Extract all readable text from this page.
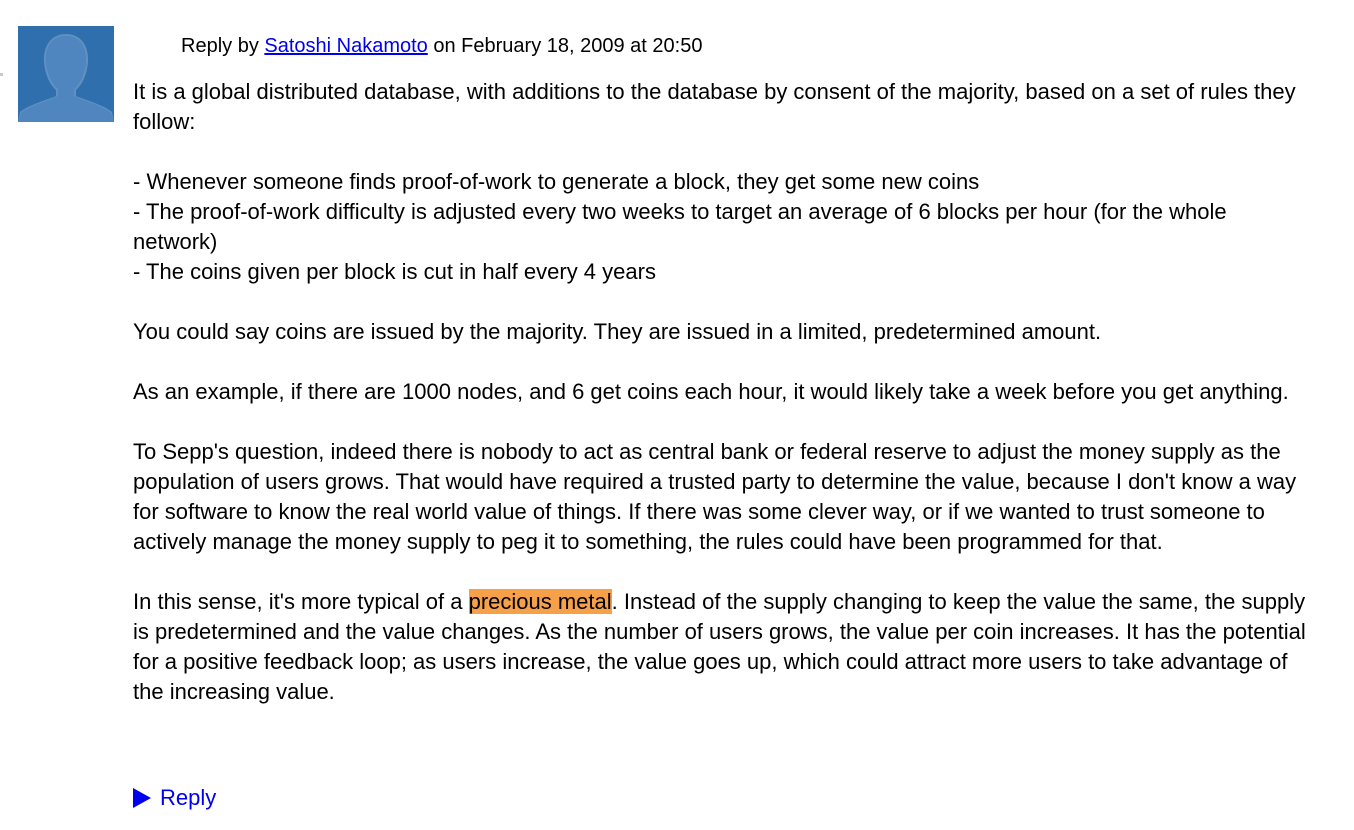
Reply by Satoshi Nakamoto on February 18, 2009 at 20:50

It is a global distributed database, with additions to the database by consent of the majority, based on a set of rules they follow:

- Whenever someone finds proof-of-work to generate a block, they get some new coins

- The proof-of-work difficulty is adjusted every two weeks to target an average of 6 blocks per hour (for the whole network)

- The coins given per block is cut in half every 4 years

You could say coins are issued by the majority. They are issued in a limited, predetermined amount.

As an example, if there are 1000 nodes, and 6 get coins each hour, it would likely take a week before you get anything.

To Sepp's question, indeed there is nobody to act as central bank or federal reserve to adjust the money supply as the population of users grows. That would have required a trusted party to determine the value, because I don't know a way for software to know the real world value of things. If there was some clever way, or if we wanted to trust someone to actively manage the money supply to peg it to something, the rules could have been programmed for that.

In this sense, it's more typical of a precious metal. Instead of the supply changing to keep the value the same, the supply is predetermined and the value changes. As the number of users grows, the value per coin increases. It has the potential for a positive feedback loop; as users increase, the value goes up, which could attract more users to take advantage of the increasing value.

Reply
